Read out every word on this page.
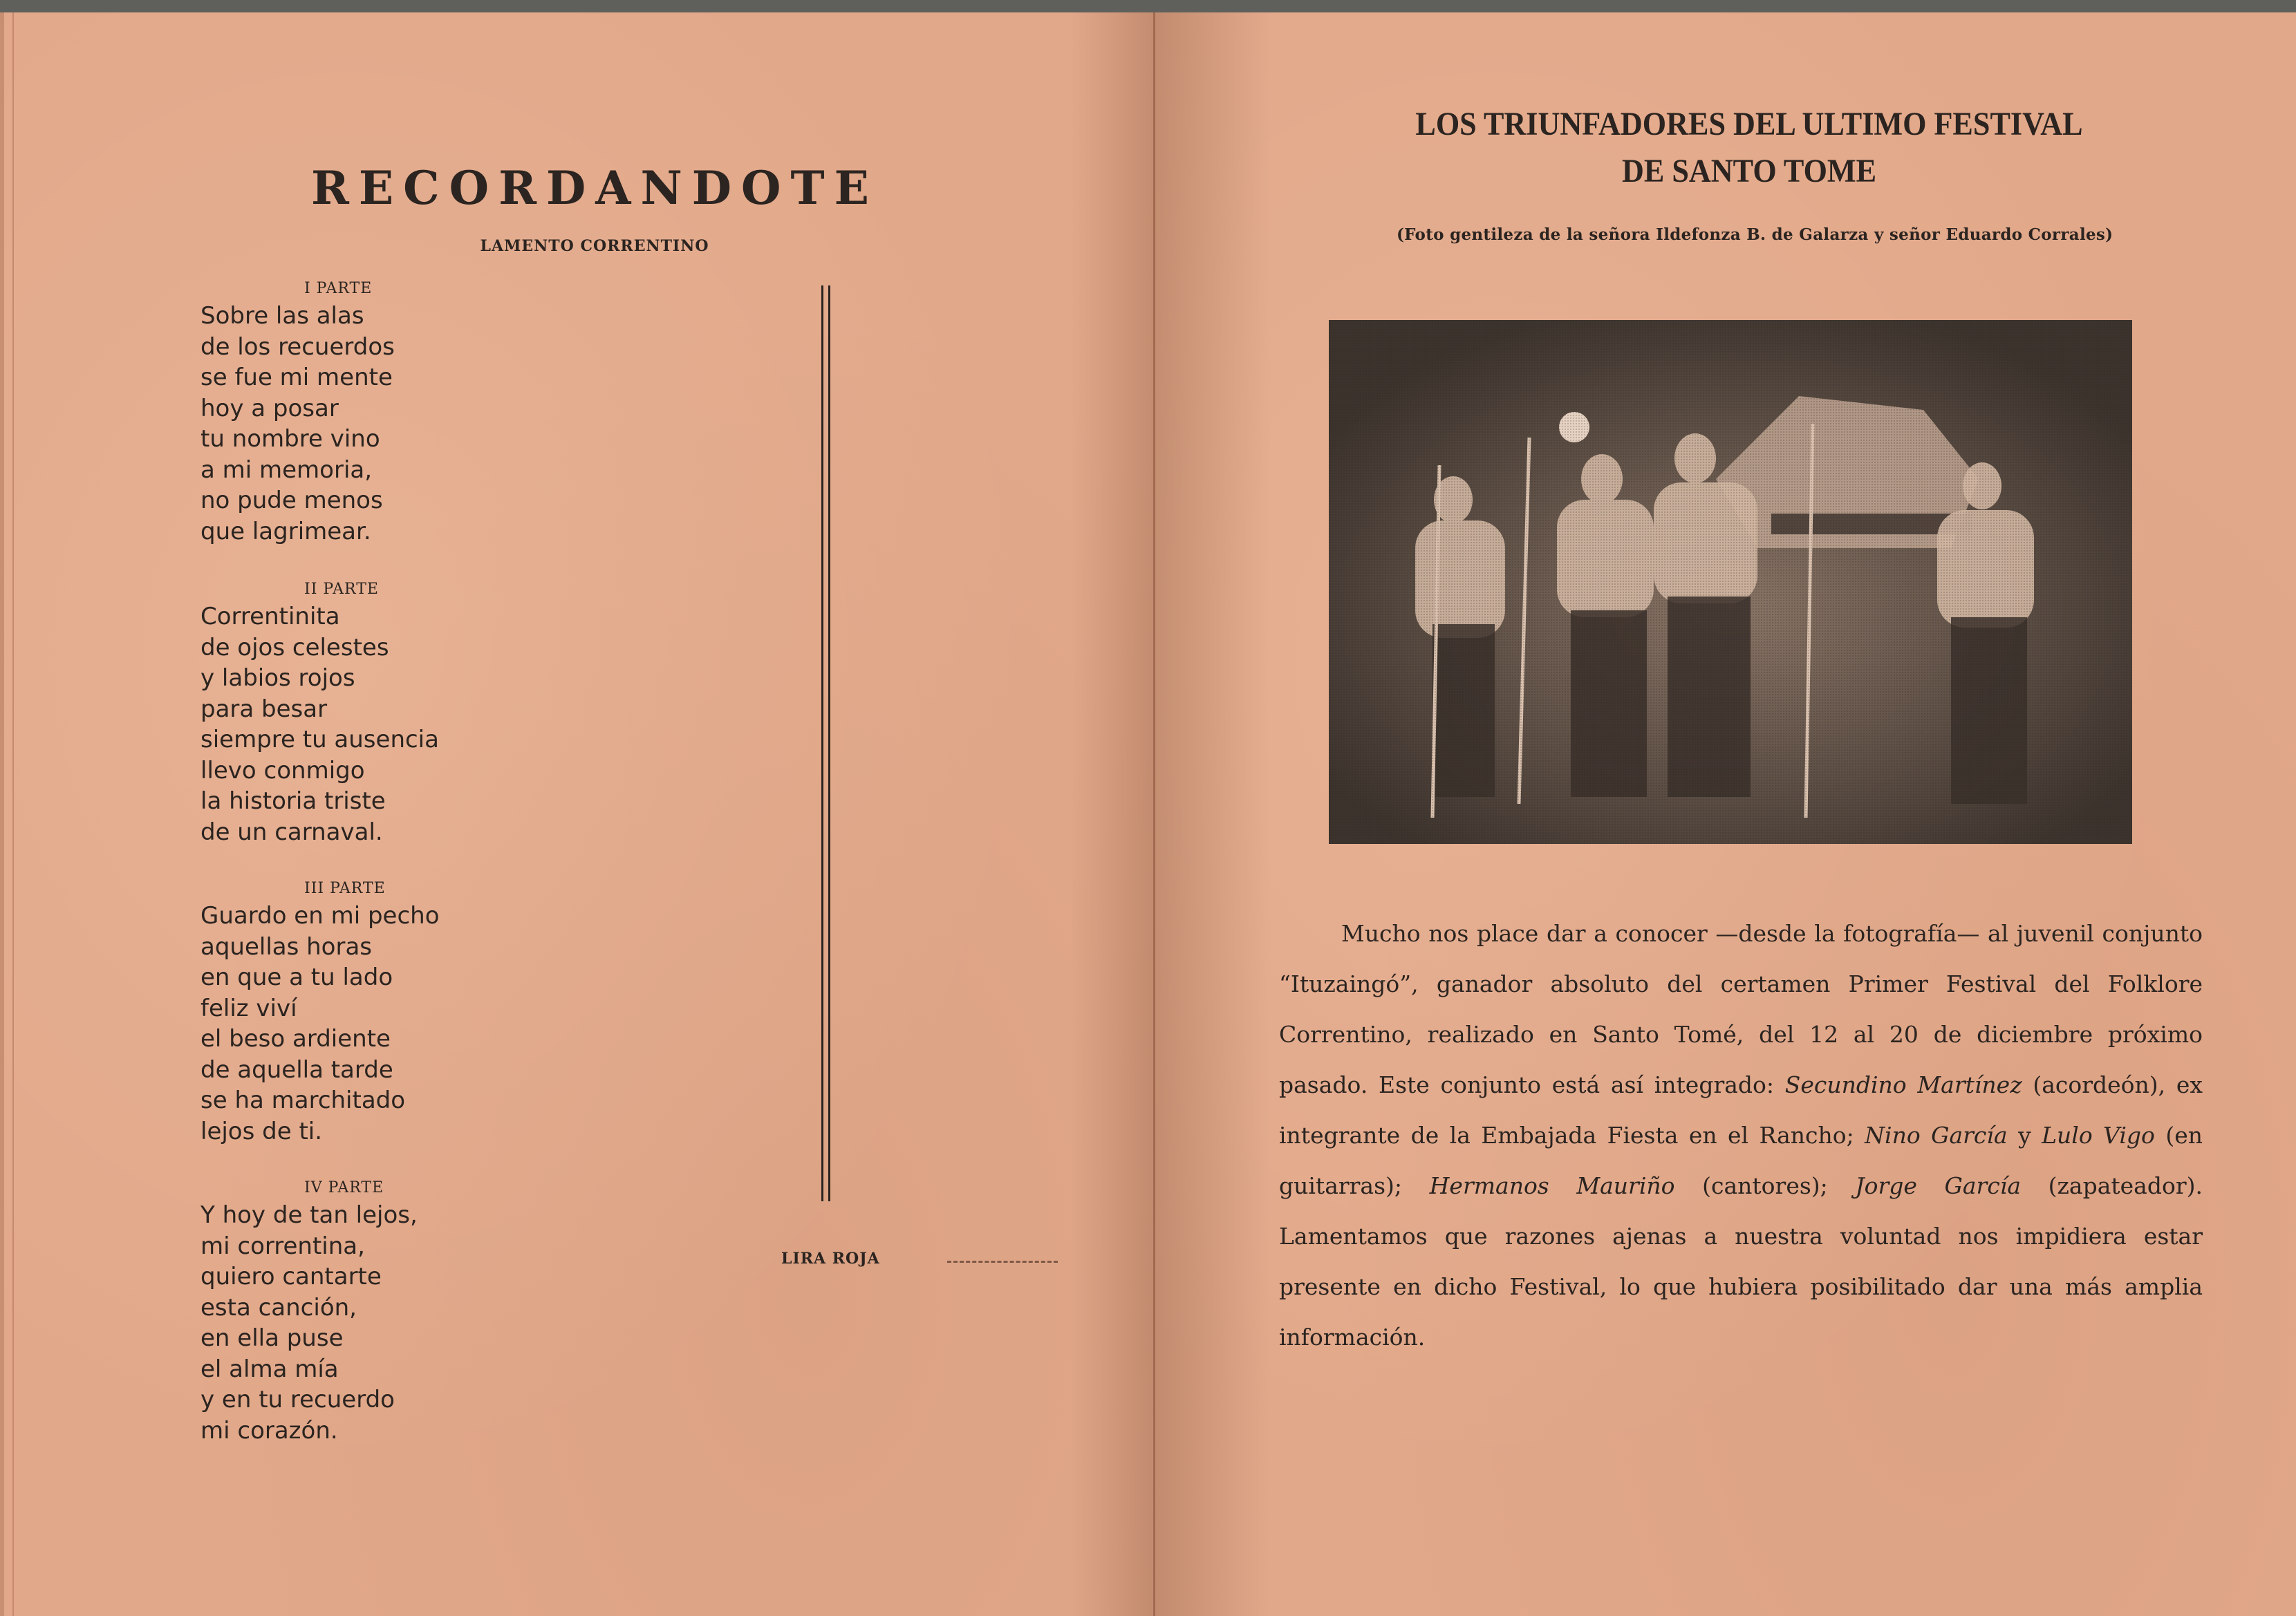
RECORDANDOTE
LAMENTO CORRENTINO
I PARTE
Sobre las alas
de los recuerdos
se fue mi mente
hoy a posar
tu nombre vino
a mi memoria,
no pude menos
que lagrimear.
II PARTE
Correntinita
de ojos celestes
y labios rojos
para besar
siempre tu ausencia
llevo conmigo
la historia triste
de un carnaval.
III PARTE
Guardo en mi pecho
aquellas horas
en que a tu lado
feliz viví
el beso ardiente
de aquella tarde
se ha marchitado
lejos de ti.
IV PARTE
Y hoy de tan lejos,
mi correntina,
quiero cantarte
esta canción,
en ella puse
el alma mía
y en tu recuerdo
mi corazón.
LIRA ROJA
LOS TRIUNFADORES DEL ULTIMO FESTIVAL
DE SANTO TOME
(Foto gentileza de la señora Ildefonza B. de Galarza y señor Eduardo Corrales)
Mucho nos place dar a conocer —desde la fotografía— al juvenil conjunto “Ituzaingó”, ganador absoluto del certamen Primer Festival del Folklore Correntino, realizado en Santo Tomé, del 12 al 20 de diciembre próximo pasado. Este conjunto está así integrado: Secundino Martínez (acordeón), ex integrante de la Embajada Fiesta en el Rancho; Nino García y Lulo Vigo (en guitarras); Hermanos Mauriño (cantores); Jorge García (zapateador). Lamentamos que razones ajenas a nuestra voluntad nos impidiera estar presente en dicho Festival, lo que hubiera posibilitado dar una más amplia información.
